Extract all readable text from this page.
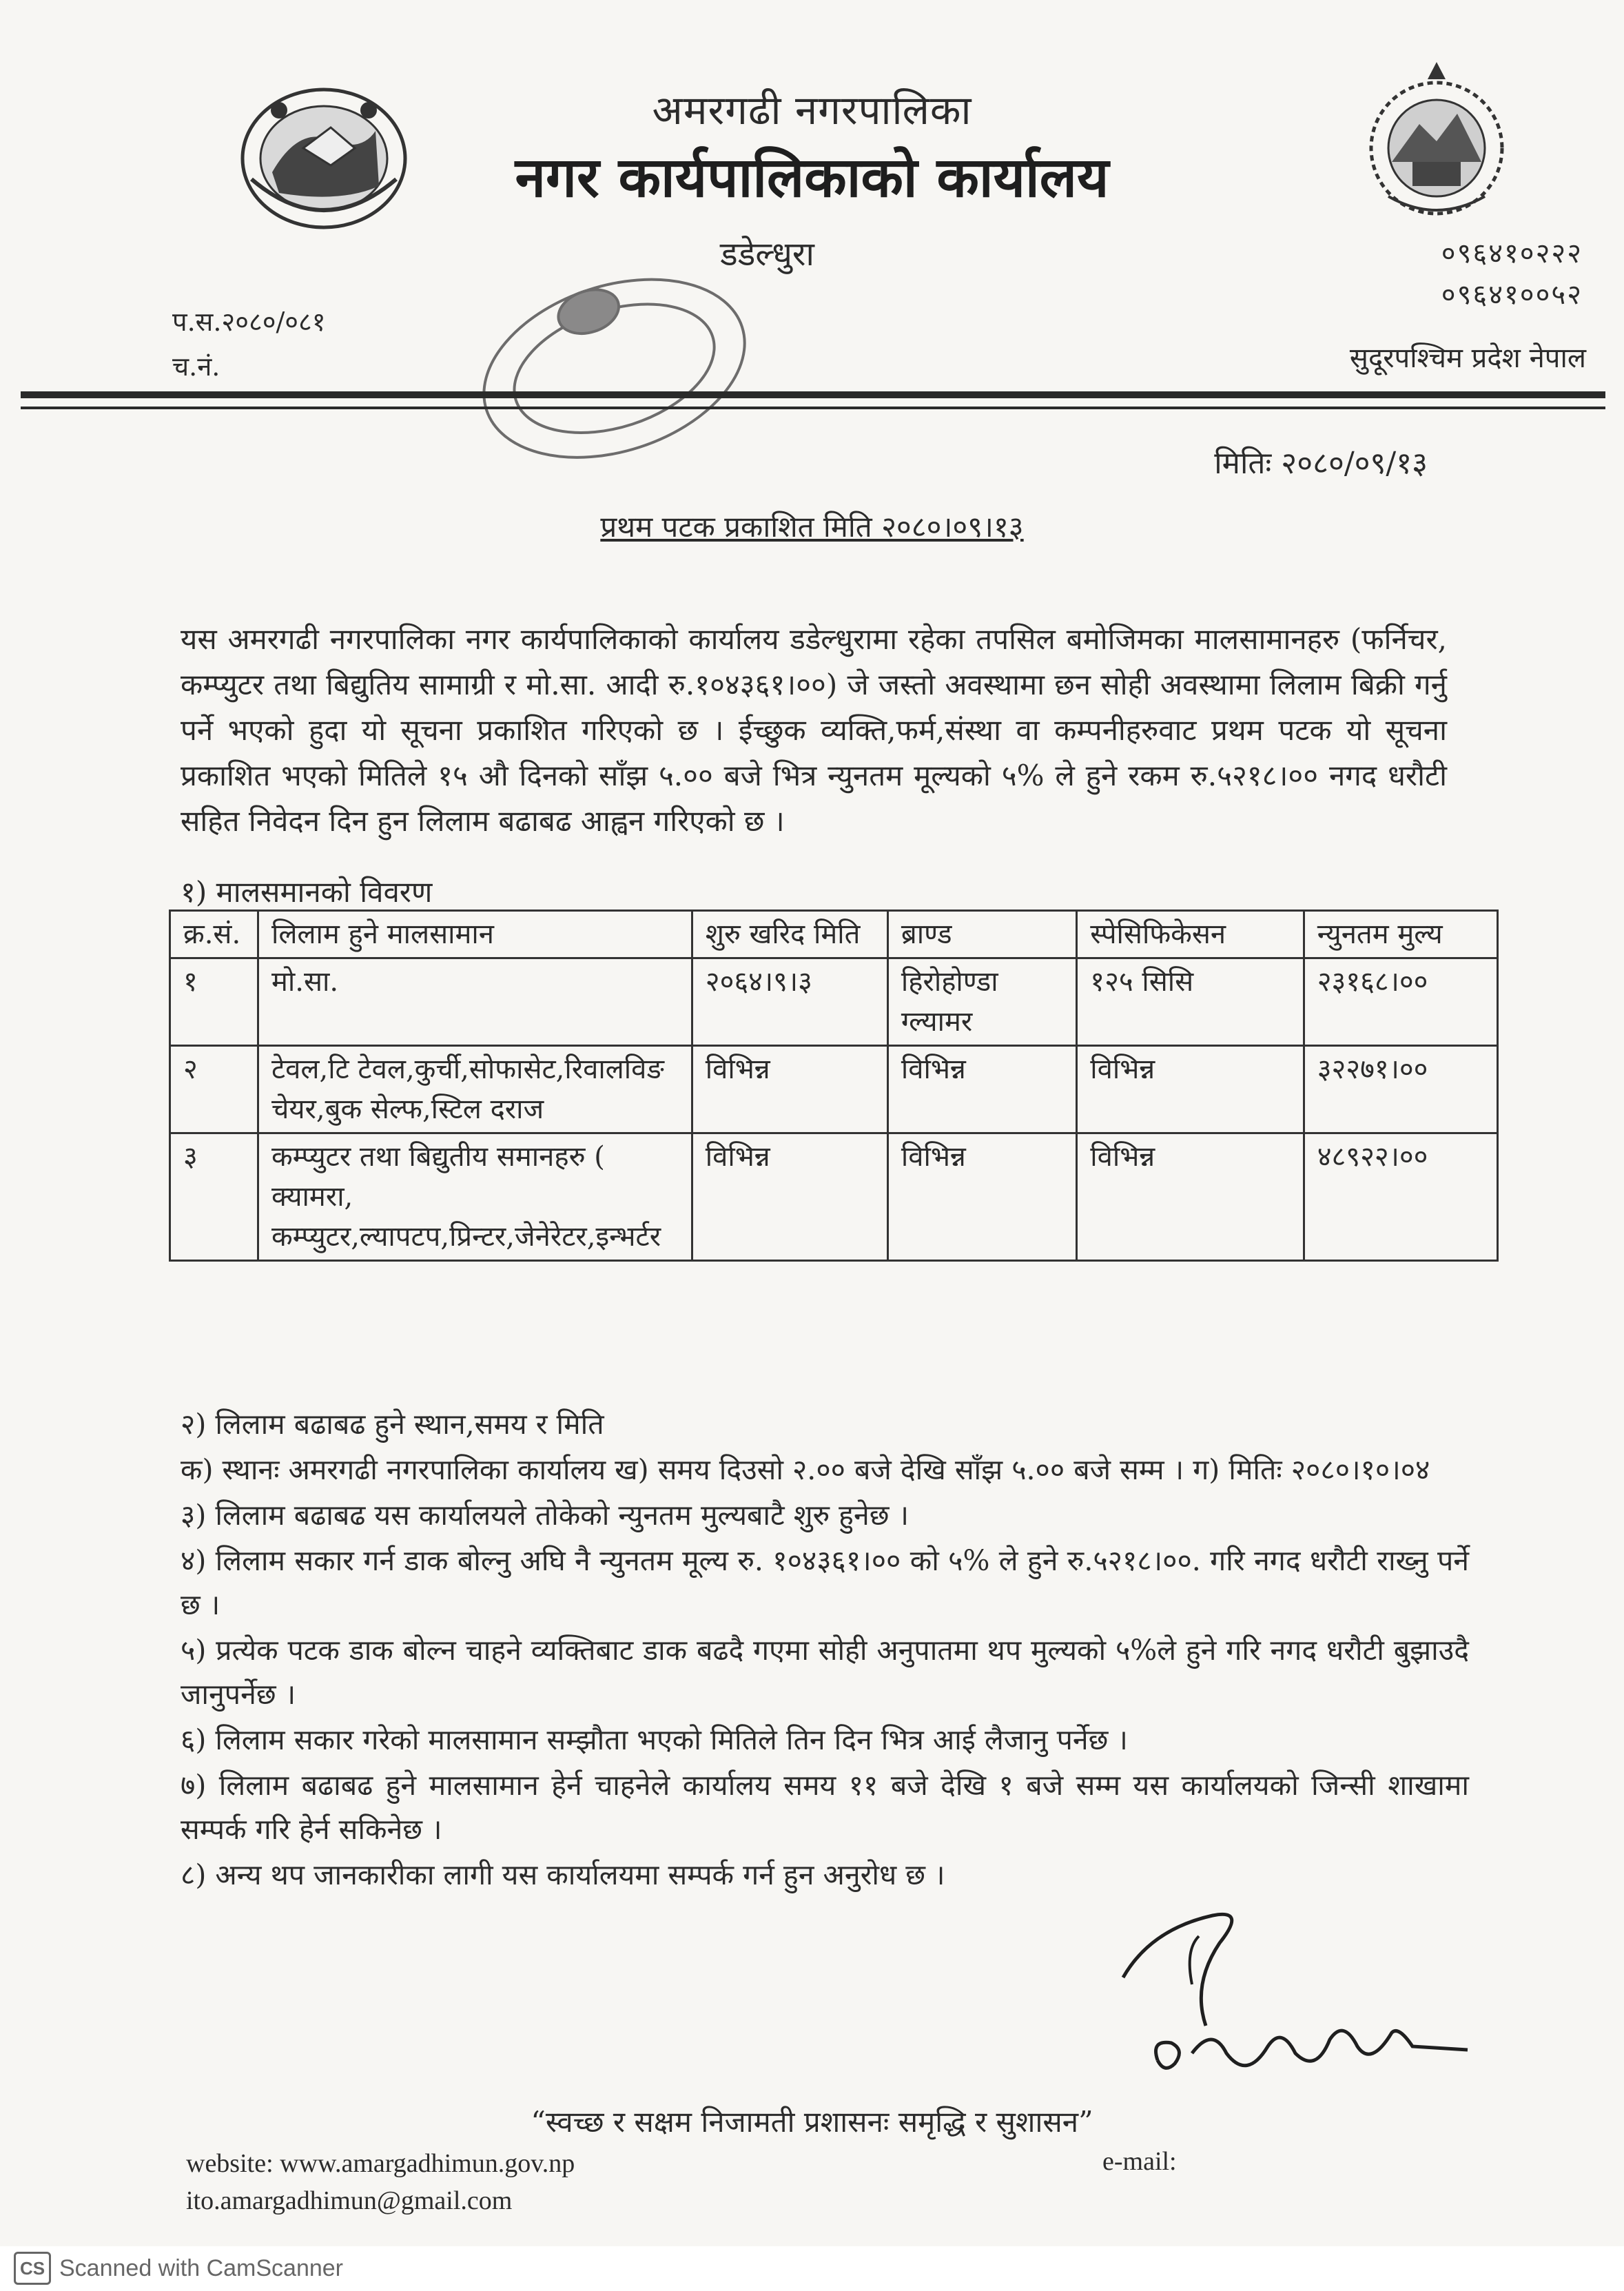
अमरगढी नगरपालिका
नगर कार्यपालिकाको कार्यालय
डडेल्धुरा	०९६४१०२२२
०९६४१००५२
प.स.२०८०/०८१
च.नं.	सुदूरपश्चिम प्रदेश नेपाल
मितिः २०८०/०९/१३
प्रथम पटक प्रकाशित मिति २०८०।०९।१३
यस अमरगढी नगरपालिका नगर कार्यपालिकाको कार्यालय डडेल्धुरामा रहेका तपसिल बमोजिमका मालसामानहरु (फर्निचर, कम्प्युटर तथा बिद्युतिय सामाग्री र मो.सा. आदी रु.१०४३६१।००) जे जस्तो अवस्थामा छन सोही अवस्थामा लिलाम बिक्री गर्नु पर्ने भएको हुदा यो सूचना प्रकाशित गरिएको छ । ईच्छुक व्यक्ति,फर्म,संस्था वा कम्पनीहरुवाट प्रथम पटक यो सूचना प्रकाशित भएको मितिले १५ औ दिनको साँझ ५.०० बजे भित्र न्युनतम मूल्यको ५% ले हुने रकम रु.५२१८।०० नगद धरौटी सहित निवेदन दिन हुन लिलाम बढाबढ आह्वन गरिएको छ ।
१) मालसमानको विवरण
क्र.सं.	लिलाम हुने मालसामान	शुरु खरिद मिति	ब्राण्ड	स्पेसिफिकेसन	न्युनतम मुल्य
१	मो.सा.	२०६४।९।३	हिरोहोण्डा ग्ल्यामर	१२५ सिसि	२३१६८।००
२	टेवल,टि टेवल,कुर्ची,सोफासेट,रिवालविङ चेयर,बुक सेल्फ,स्टिल दराज	विभिन्न	विभिन्न	विभिन्न	३२२७१।००
३	कम्प्युटर तथा बिद्युतीय समानहरु ( क्यामरा, कम्प्युटर,ल्यापटप,प्रिन्टर,जेनेरेटर,इन्भर्टर	विभिन्न	विभिन्न	विभिन्न	४८९२२।००

२) लिलाम बढाबढ हुने स्थान,समय र मिति

क) स्थानः अमरगढी नगरपालिका कार्यालय ख) समय दिउसो २.०० बजे देखि साँझ ५.०० बजे सम्म । ग) मितिः २०८०।१०।०४

३) लिलाम बढाबढ यस कार्यालयले तोकेको न्युनतम मुल्यबाटै शुरु हुनेछ ।

४) लिलाम सकार गर्न डाक बोल्नु अघि नै न्युनतम मूल्य रु. १०४३६१।०० को ५% ले हुने रु.५२१८।००. गरि नगद धरौटी राख्नु पर्ने छ ।

५) प्रत्येक पटक डाक बोल्न चाहने व्यक्तिबाट डाक बढदै गएमा सोही अनुपातमा थप मुल्यको ५%ले हुने गरि नगद धरौटी बुझाउदै जानुपर्नेछ ।

६) लिलाम सकार गरेको मालसामान सम्झौता भएको मितिले तिन दिन भित्र आई लैजानु पर्नेछ ।

७) लिलाम बढाबढ हुने मालसामान हेर्न चाहनेले कार्यालय समय ११ बजे देखि १ बजे सम्म यस कार्यालयको जिन्सी शाखामा सम्पर्क गरि हेर्न सकिनेछ ।

८) अन्य थप जानकारीका लागी यस कार्यालयमा सम्पर्क गर्न हुन अनुरोध छ ।

“स्वच्छ र सक्षम निजामती प्रशासनः समृद्धि र सुशासन”
website: www.amargadhimun.gov.np	e-mail:
ito.amargadhimun@gmail.com
CS Scanned with CamScanner
